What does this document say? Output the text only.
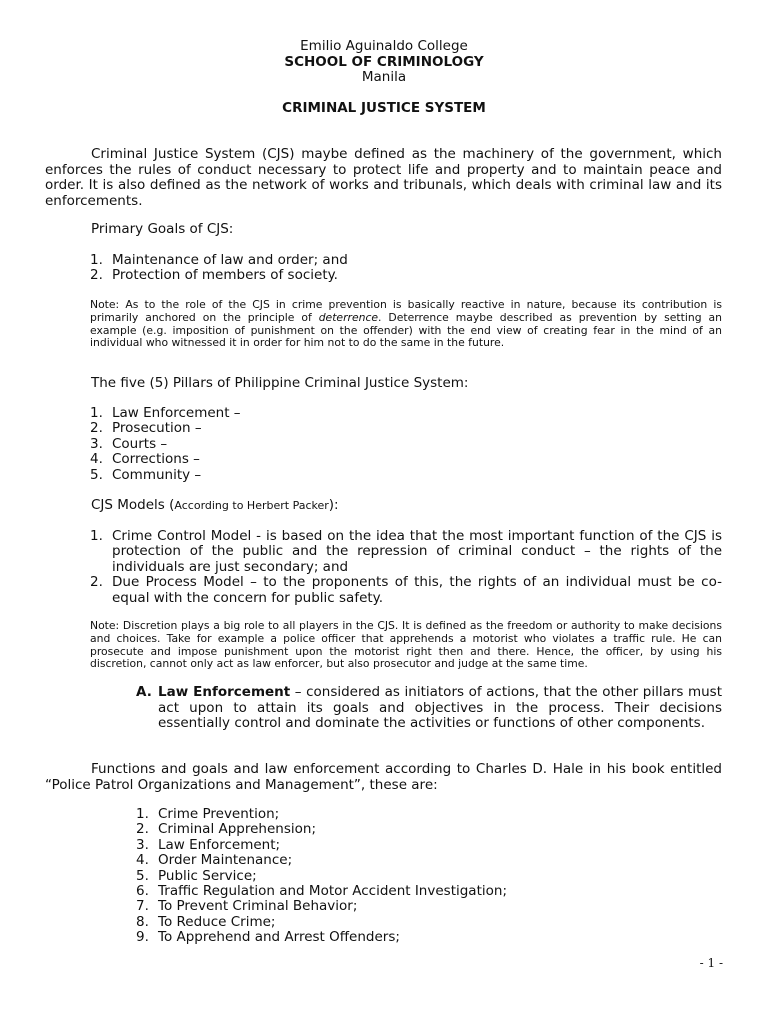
Emilio Aguinaldo College
SCHOOL OF CRIMINOLOGY
Manila
CRIMINAL JUSTICE SYSTEM
Criminal Justice System (CJS) maybe defined as the machinery of the government, which enforces the rules of conduct necessary to protect life and property and to maintain peace and order. It is also defined as the network of works and tribunals, which deals with criminal law and its enforcements.
Primary Goals of CJS:
1. Maintenance of law and order; and
2. Protection of members of society.
Note: As to the role of the CJS in crime prevention is basically reactive in nature, because its contribution is primarily anchored on the principle of deterrence. Deterrence maybe described as prevention by setting an example (e.g. imposition of punishment on the offender) with the end view of creating fear in the mind of an individual who witnessed it in order for him not to do the same in the future.
The five (5) Pillars of Philippine Criminal Justice System:
1. Law Enforcement –
2. Prosecution –
3. Courts –
4. Corrections –
5. Community –
CJS Models (According to Herbert Packer):
1. Crime Control Model - is based on the idea that the most important function of the CJS is protection of the public and the repression of criminal conduct – the rights of the individuals are just secondary; and
2. Due Process Model – to the proponents of this, the rights of an individual must be co-equal with the concern for public safety.
Note: Discretion plays a big role to all players in the CJS. It is defined as the freedom or authority to make decisions and choices. Take for example a police officer that apprehends a motorist who violates a traffic rule. He can prosecute and impose punishment upon the motorist right then and there. Hence, the officer, by using his discretion, cannot only act as law enforcer, but also prosecutor and judge at the same time.
A. Law Enforcement – considered as initiators of actions, that the other pillars must act upon to attain its goals and objectives in the process. Their decisions essentially control and dominate the activities or functions of other components.
Functions and goals and law enforcement according to Charles D. Hale in his book entitled “Police Patrol Organizations and Management”, these are:
1. Crime Prevention;
2. Criminal Apprehension;
3. Law Enforcement;
4. Order Maintenance;
5. Public Service;
6. Traffic Regulation and Motor Accident Investigation;
7. To Prevent Criminal Behavior;
8. To Reduce Crime;
9. To Apprehend and Arrest Offenders;
- 1 -
